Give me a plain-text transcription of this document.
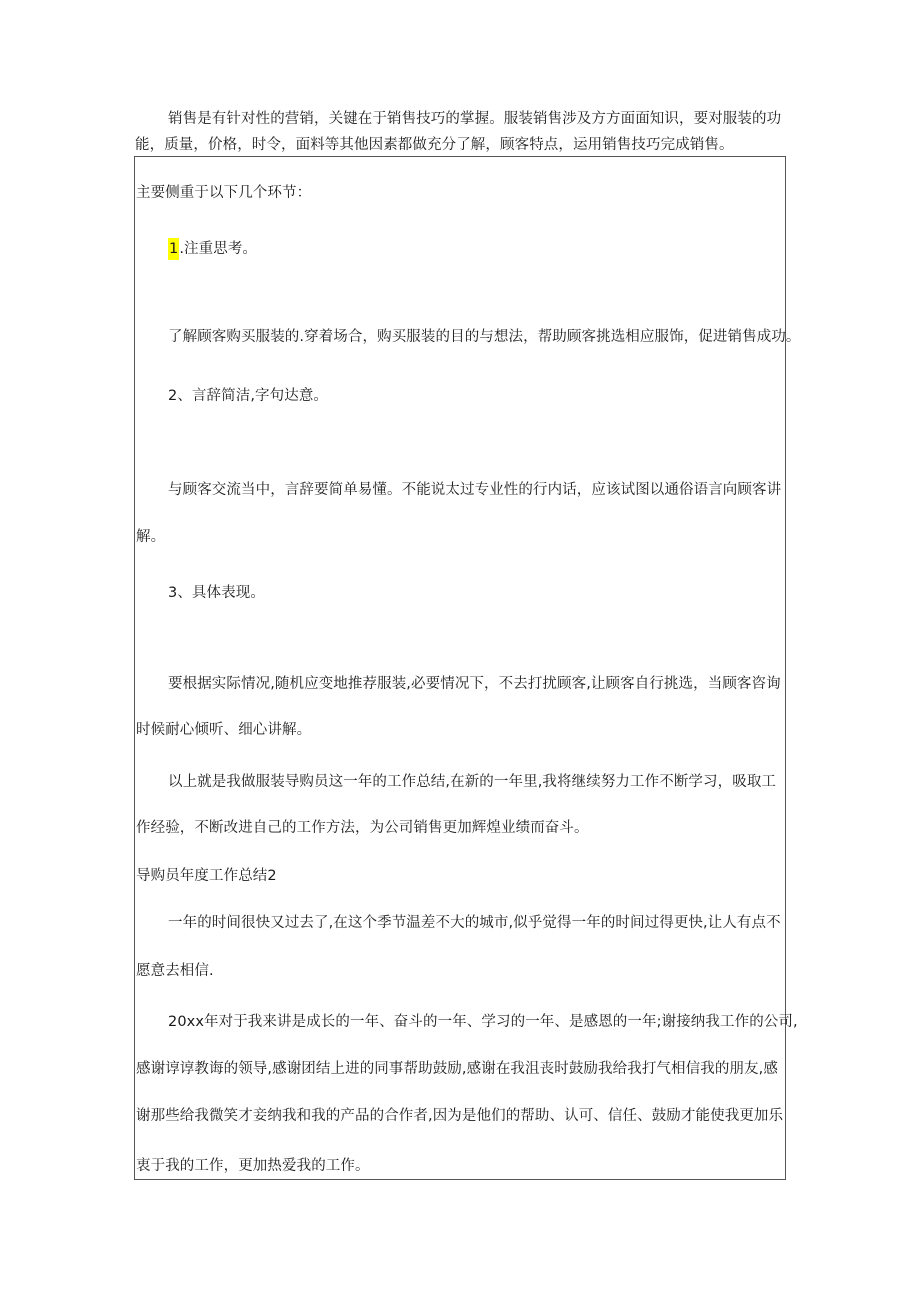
销售是有针对性的营销，关键在于销售技巧的掌握。服装销售涉及方方面面知识，要对服装的功
能，质量，价格，时令，面料等其他因素都做充分了解，顾客特点，运用销售技巧完成销售。
主要侧重于以下几个环节：
1.注重思考。
了解顾客购买服装的.穿着场合，购买服装的目的与想法，帮助顾客挑选相应服饰，促进销售成功。
2、言辞简洁,字句达意。
与顾客交流当中，言辞要简单易懂。不能说太过专业性的行内话，应该试图以通俗语言向顾客讲
解。
3、具体表现。
要根据实际情况,随机应变地推荐服装,必要情况下，不去打扰顾客,让顾客自行挑选，当顾客咨询
时候耐心倾听、细心讲解。
以上就是我做服装导购员这一年的工作总结,在新的一年里,我将继续努力工作不断学习，吸取工
作经验，不断改进自己的工作方法，为公司销售更加辉煌业绩而奋斗。
导购员年度工作总结2
一年的时间很快又过去了,在这个季节温差不大的城市,似乎觉得一年的时间过得更快,让人有点不
愿意去相信.
20xx年对于我来讲是成长的一年、奋斗的一年、学习的一年、是感恩的一年;谢接纳我工作的公司,
感谢谆谆教诲的领导,感谢团结上进的同事帮助鼓励,感谢在我沮丧时鼓励我给我打气相信我的朋友,感
谢那些给我微笑才妾纳我和我的产品的合作者,因为是他们的帮助、认可、信任、鼓励才能使我更加乐
衷于我的工作，更加热爱我的工作。
